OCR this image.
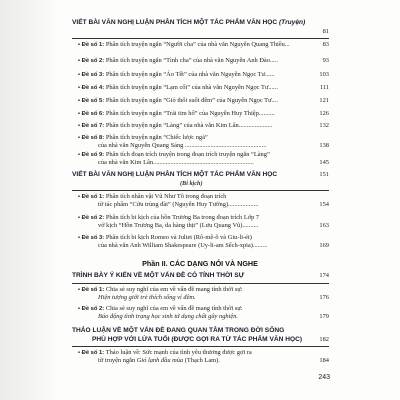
VIẾT BÀI VĂN NGHỊ LUẬN PHÂN TÍCH MỘT TÁC PHẨM VĂN HỌC (Truyện)
81
• Đề số 1: Phân tích truyện ngắn “Người cha” của nhà văn Nguyễn Quang Thiều...	83
• Đề số 2: Phân tích truyện ngắn “Tình cha” của nhà văn Nguyễn Anh Đào.....	93
• Đề số 3: Phân tích truyện ngắn “Áo Tết” của nhà văn Nguyễn Ngọc Tư......	103
• Đề số 4: Phân tích truyện ngắn “Lạm cối” của nhà văn Nguyễn Ngọc Tư......	111
• Đề số 5: Phân tích truyện ngắn “Giỏ thổi suốt đêm” của Nguyễn Ngọc Tư....	121
• Đề số 6: Phân tích truyện ngắn “Trái tim hổ” của Nguyễn Huy Thiệp..........	126
• Đề số 7: Phân tích truyện ngắn “Làng” của nhà văn Kim Lân.....................	132
• Đề số 8: Phân tích truyện ngắn “Chiếc lược ngà”
của nhà văn Nguyễn Quang Sáng ...................................................	138
• Đề số 9: Phân tích đoạn trích truyện trong đoạn trích truyện ngắn “Làng”
của nhà văn Kim Lân...............................................................	145
VIẾT BÀI VĂN NGHỊ LUẬN PHÂN TÍCH MỘT TÁC PHẨM VĂN HỌC	151
(Bi kịch)
• Đề số 1: Phân tích nhân vật Vũ Như Tô trong đoạn trích
từ tác phẩm “Cửu trùng đài” (Nguyễn Huy Tưởng)...................	154
• Đề số 2: Phân tích bi kịch của hồn Trương Ba trong đoạn trích Lớp 7
vở kịch “Hồn Trương Ba, da hàng thịt” (Lưu Quang Vũ)..........	163
• Đề số 3: Phân tích bi kịch Romeo và Juliet (Rô-mê-ô và Giu-li-ét)
của nhà văn Anh William Shakespeare (Uy-li-am Sếch-xpia).........	169
Phần II. CÁC DẠNG NÓI VÀ NGHE
TRÌNH BÀY Ý KIẾN VỀ MỘT VẤN ĐỀ CÓ TÍNH THỜI SỰ	174
• Đề số 1: Chia sẻ suy nghĩ của em về vấn đề mang tính thời sự:
Hiện tượng giới trẻ thích sống vỉ đêm.	176
• Đề số 2: Chia sẻ suy nghĩ của em về vấn đề mang tính thời sự:
Báo động tình trạng học sinh tử dụng chất gây nghiện.	179
THẢO LUẬN VỀ MỘT VẤN ĐỀ ĐANG QUAN TÂM TRONG ĐỜI SỐNG
PHÙ HỢP VỚI LỨA TUỔI (ĐƯỢC GỢI RA TỪ TÁC PHẨM VĂN HỌC)	182
• Đề số 1: Thảo luận về: Sức mạnh của tình yêu thương được gợi ra
từ truyện ngắn Gió lạnh đầu mùa (Thạch Lam).	184
243
